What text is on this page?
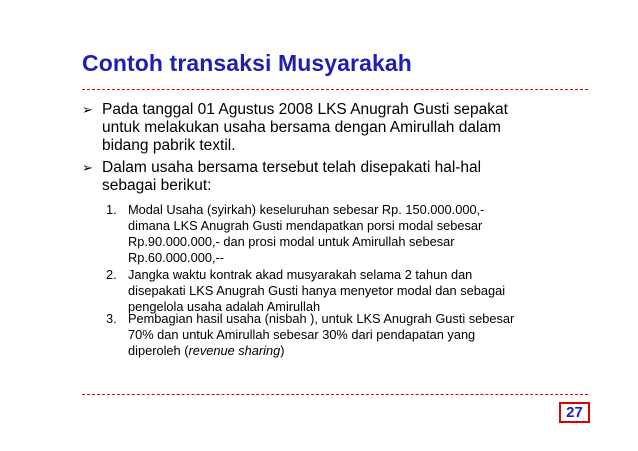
Contoh transaksi Musyarakah
➢ Pada tanggal 01 Agustus 2008 LKS Anugrah Gusti sepakat
untuk melakukan usaha bersama dengan Amirullah dalam
bidang pabrik textil.
➢ Dalam usaha bersama tersebut telah disepakati hal-hal
sebagai berikut:
1. Modal Usaha (syirkah) keseluruhan sebesar Rp. 150.000.000,-
dimana LKS Anugrah Gusti mendapatkan porsi modal sebesar
Rp.90.000.000,- dan prosi modal untuk Amirullah sebesar
Rp.60.000.000,--
2. Jangka waktu kontrak akad musyarakah selama 2 tahun dan
disepakati LKS Anugrah Gusti hanya menyetor modal dan sebagai
pengelola usaha adalah Amirullah
3. Pembagian hasil usaha (nisbah ), untuk LKS Anugrah Gusti sebesar
70% dan untuk Amirullah sebesar 30% dari pendapatan yang
diperoleh (revenue sharing)
27
